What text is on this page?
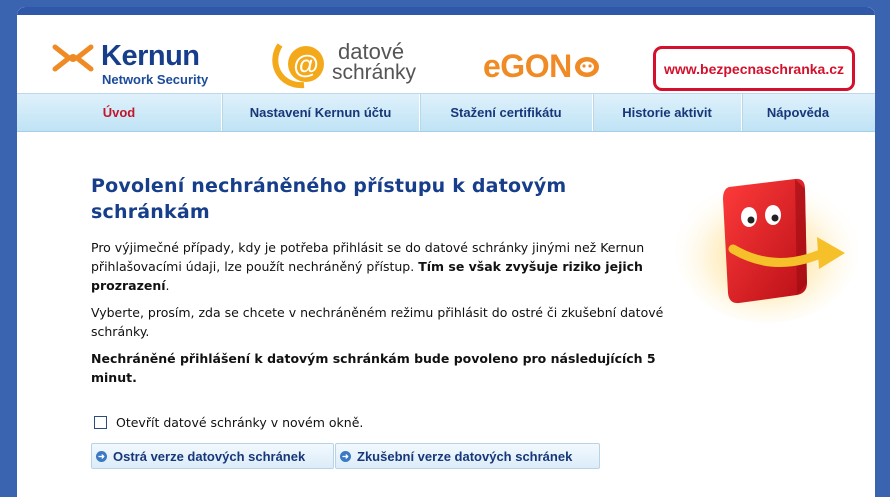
Kernun
Network Security
@ datové
schránky eGON	www.bezpecnaschranka.cz
Úvod	Nastavení Kernun účtu	Stažení certifikátu	Historie aktivit	Nápověda
Povolení nechráněného přístupu k datovým schránkám
Pro výjimečné případy, kdy je potřeba přihlásit se do datové schránky jinými než Kernun přihlašovacími údaji, lze použít nechráněný přístup. Tím se však zvyšuje riziko jejich prozrazení.
Vyberte, prosím, zda se chcete v nechráněném režimu přihlásit do ostré či zkušební datové schránky.
Nechráněné přihlášení k datovým schránkám bude povoleno pro následujících 5 minut.
Otevřít datové schránky v novém okně.
➜ Ostrá verze datových schránek	➜ Zkušební verze datových schránek
